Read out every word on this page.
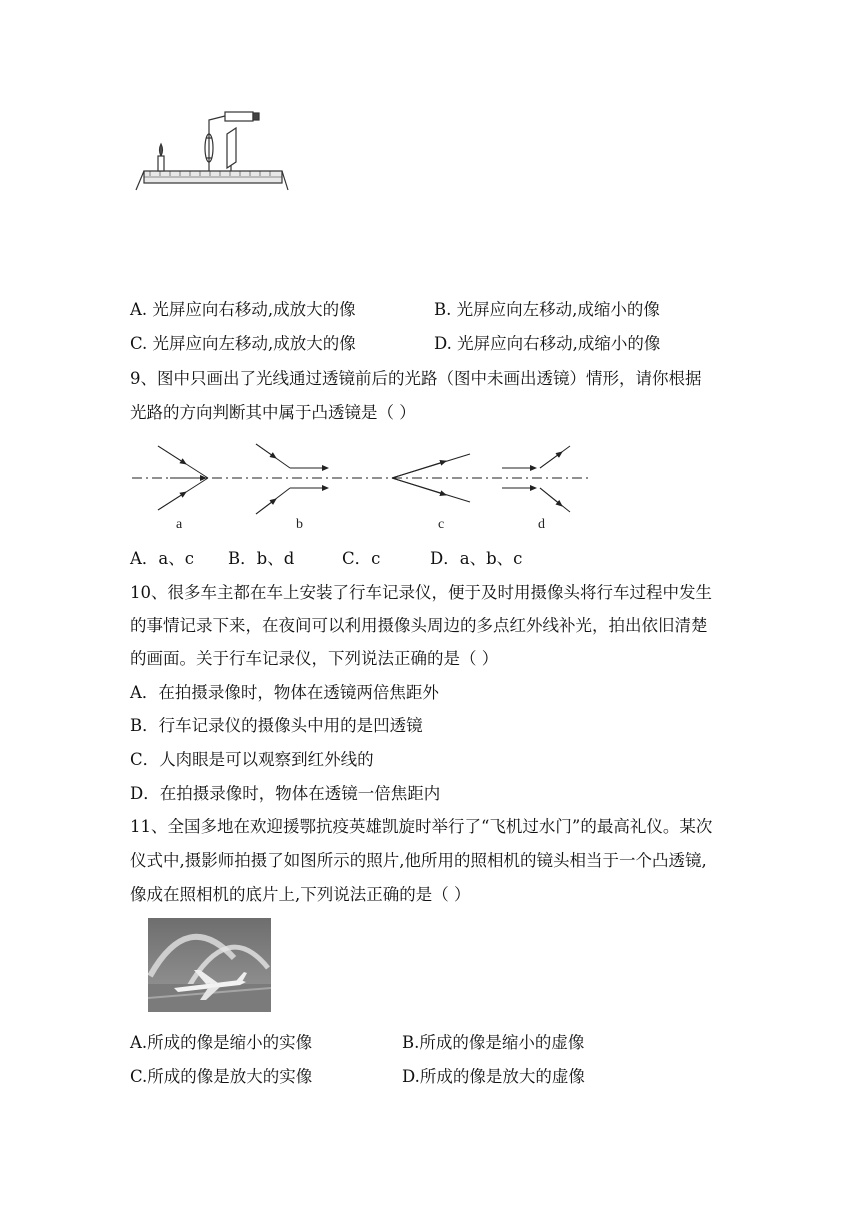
A. 光屏应向右移动,成放大的像	B. 光屏应向左移动,成缩小的像
C. 光屏应向左移动,成放大的像	D. 光屏应向右移动,成缩小的像
9、图中只画出了光线通过透镜前后的光路（图中未画出透镜）情形，请你根据
光路的方向判断其中属于凸透镜是（ ）
a	b	c	d
A．a、c B．b、d	C．c	D．a、b、c
10、很多车主都在车上安装了行车记录仪，便于及时用摄像头将行车过程中发生
的事情记录下来，在夜间可以利用摄像头周边的多点红外线补光，拍出依旧清楚
的画面。关于行车记录仪，下列说法正确的是（ ）
A．在拍摄录像时，物体在透镜两倍焦距外
B．行车记录仪的摄像头中用的是凹透镜
C．人肉眼是可以观察到红外线的
D．在拍摄录像时，物体在透镜一倍焦距内
11、全国多地在欢迎援鄂抗疫英雄凯旋时举行了“飞机过水门”的最高礼仪。某次
仪式中,摄影师拍摄了如图所示的照片,他所用的照相机的镜头相当于一个凸透镜,
像成在照相机的底片上,下列说法正确的是（ ）
A.所成的像是缩小的实像	B.所成的像是缩小的虚像
C.所成的像是放大的实像	D.所成的像是放大的虚像
